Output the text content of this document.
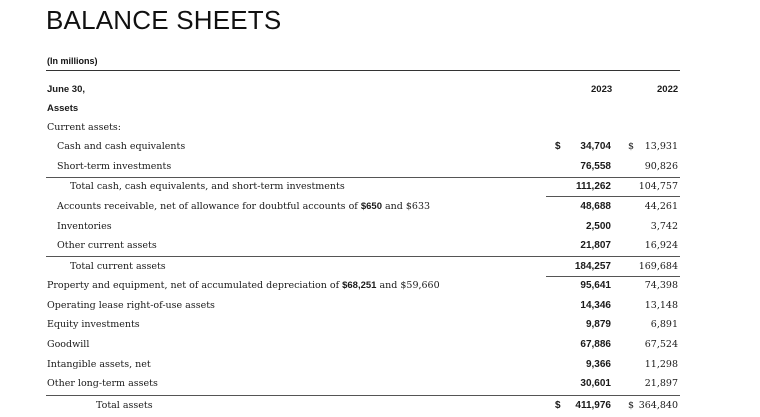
BALANCE SHEETS
(In millions)
June 30,	2023	2022
Assets
Current assets:
Cash and cash equivalents	$ 34,704 $ 13,931
Short-term investments	76,558	90,826
Total cash, cash equivalents, and short-term investments	111,262	104,757
Accounts receivable, net of allowance for doubtful accounts of $650 and $633	48,688	44,261
Inventories	2,500	3,742
Other current assets	21,807	16,924
Total current assets	184,257	169,684
Property and equipment, net of accumulated depreciation of $68,251 and $59,660	95,641	74,398
Operating lease right-of-use assets	14,346	13,148
Equity investments	9,879	6,891
Goodwill	67,886	67,524
Intangible assets, net	9,366	11,298
Other long-term assets	30,601	21,897
Total assets	$ 411,976 $ 364,840
